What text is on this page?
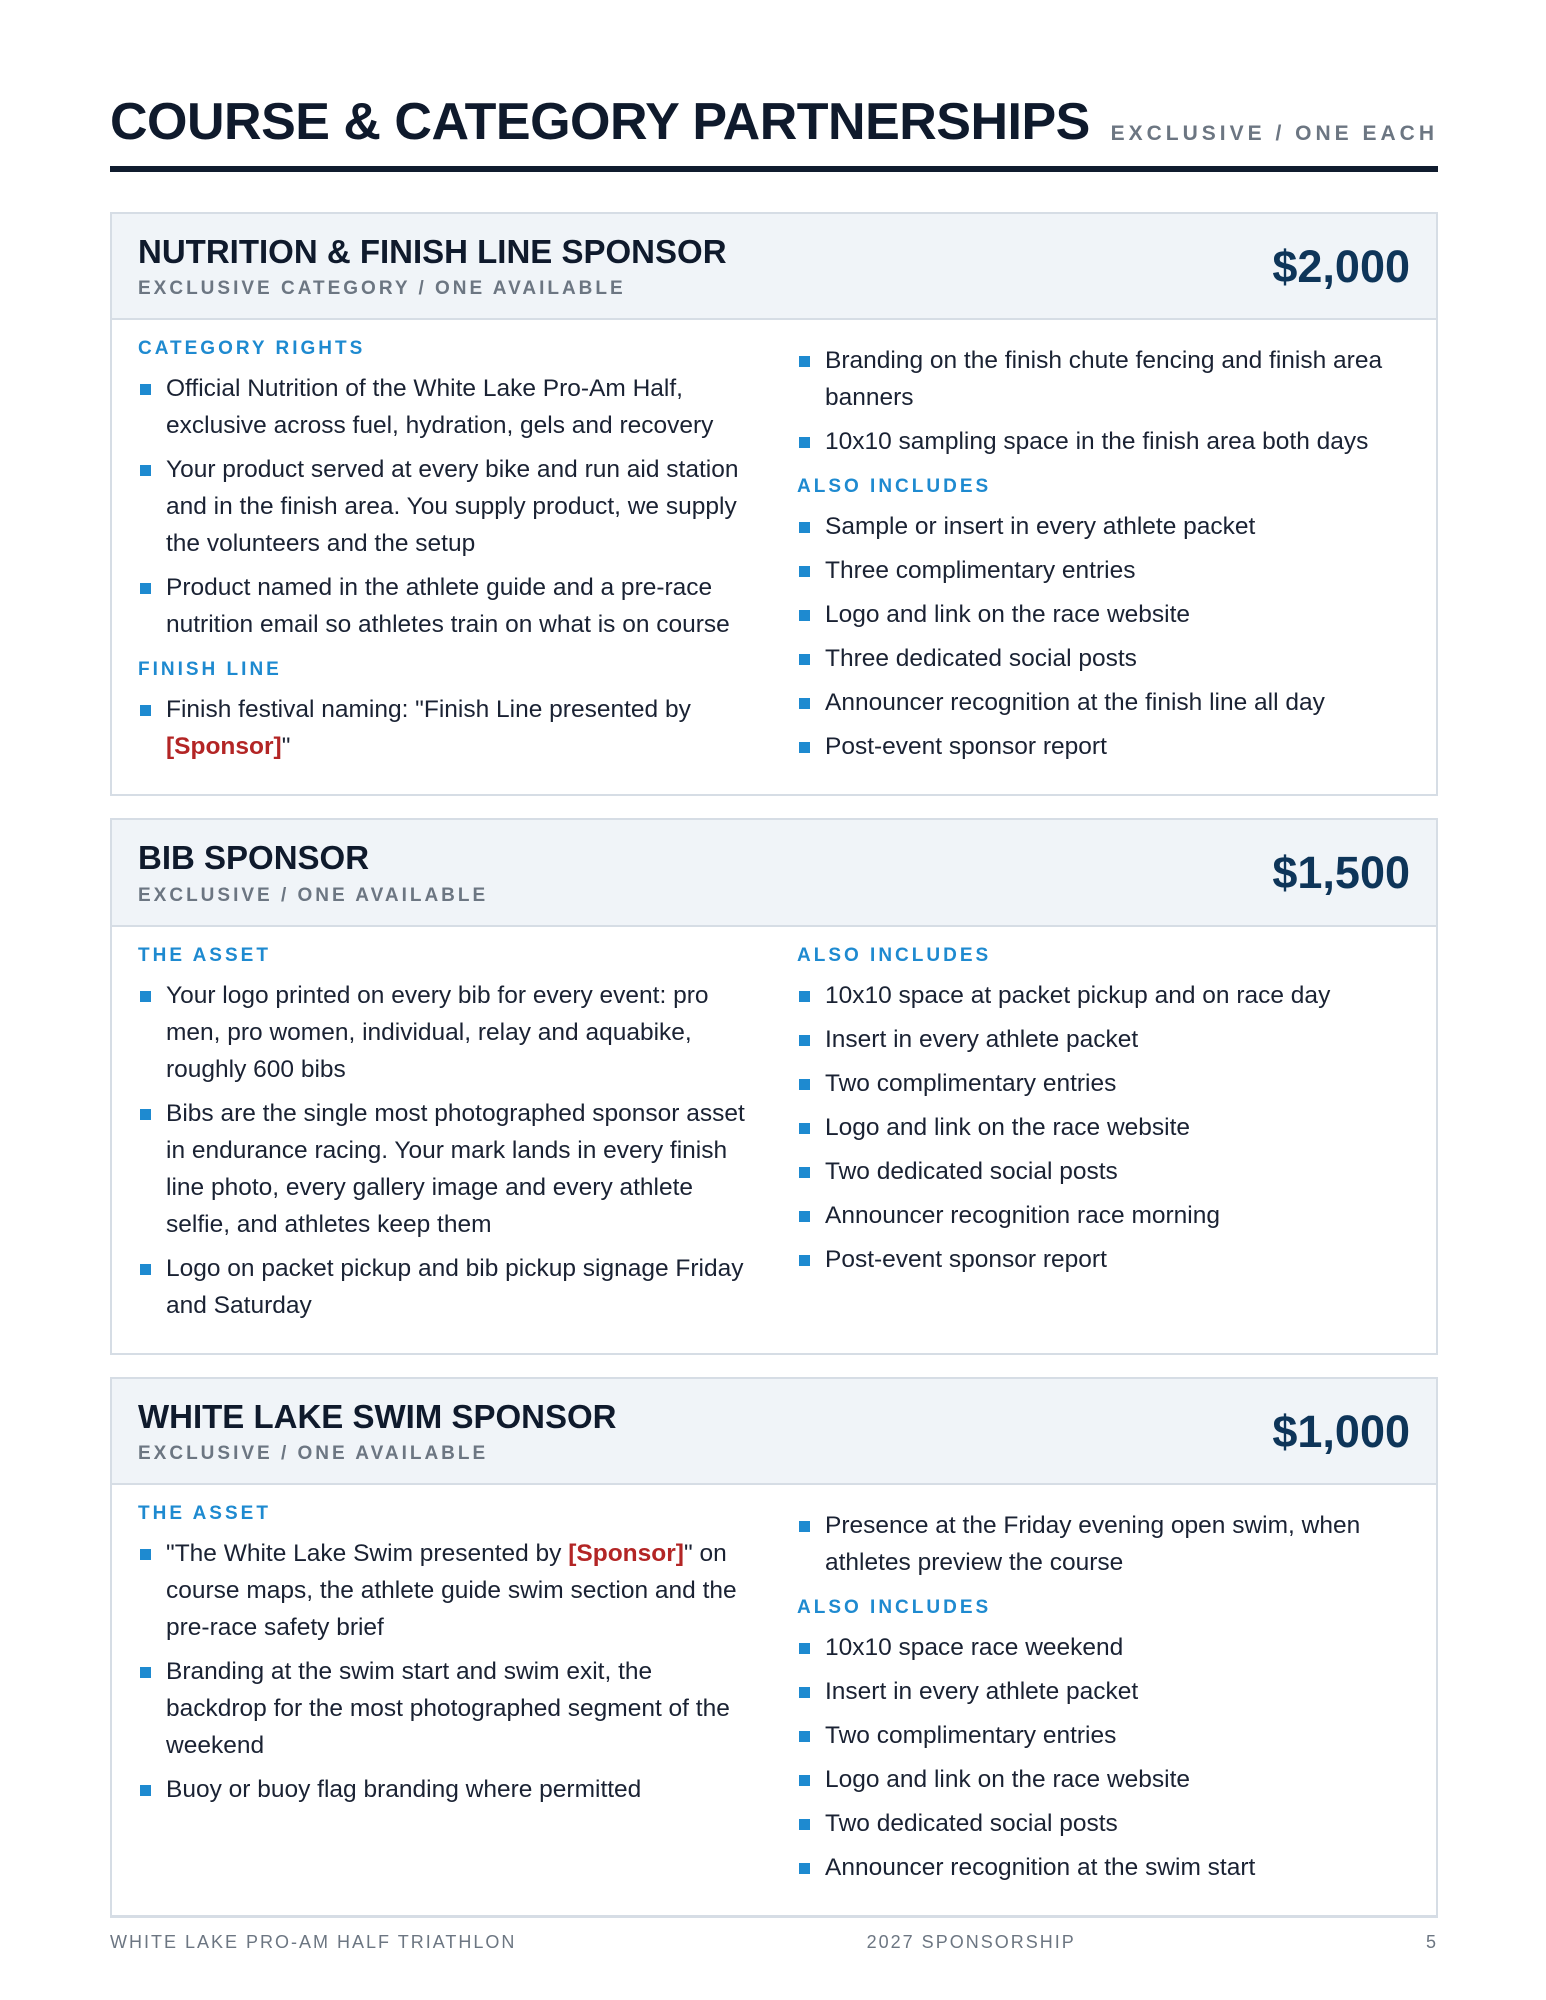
COURSE & CATEGORY PARTNERSHIPS EXCLUSIVE / ONE EACH
NUTRITION & FINISH LINE SPONSOR
EXCLUSIVE CATEGORY / ONE AVAILABLE	$2,000
CATEGORY RIGHTS
Official Nutrition of the White Lake Pro-Am Half, exclusive across fuel, hydration, gels and recovery
Your product served at every bike and run aid station and in the finish area. You supply product, we supply the volunteers and the setup
Product named in the athlete guide and a pre-race nutrition email so athletes train on what is on course
FINISH LINE
Finish festival naming: "Finish Line presented by [Sponsor]"
Branding on the finish chute fencing and finish area banners
10x10 sampling space in the finish area both days
ALSO INCLUDES
Sample or insert in every athlete packet
Three complimentary entries
Logo and link on the race website
Three dedicated social posts
Announcer recognition at the finish line all day
Post-event sponsor report
BIB SPONSOR
EXCLUSIVE / ONE AVAILABLE	$1,500
THE ASSET
Your logo printed on every bib for every event: pro men, pro women, individual, relay and aquabike, roughly 600 bibs
Bibs are the single most photographed sponsor asset in endurance racing. Your mark lands in every finish line photo, every gallery image and every athlete selfie, and athletes keep them
Logo on packet pickup and bib pickup signage Friday and Saturday
ALSO INCLUDES
10x10 space at packet pickup and on race day
Insert in every athlete packet
Two complimentary entries
Logo and link on the race website
Two dedicated social posts
Announcer recognition race morning
Post-event sponsor report
WHITE LAKE SWIM SPONSOR
EXCLUSIVE / ONE AVAILABLE	$1,000
THE ASSET
"The White Lake Swim presented by [Sponsor]" on course maps, the athlete guide swim section and the pre-race safety brief
Branding at the swim start and swim exit, the backdrop for the most photographed segment of the weekend
Buoy or buoy flag branding where permitted
Presence at the Friday evening open swim, when athletes preview the course
ALSO INCLUDES
10x10 space race weekend
Insert in every athlete packet
Two complimentary entries
Logo and link on the race website
Two dedicated social posts
Announcer recognition at the swim start
WHITE LAKE PRO-AM HALF TRIATHLON	2027 SPONSORSHIP	5
